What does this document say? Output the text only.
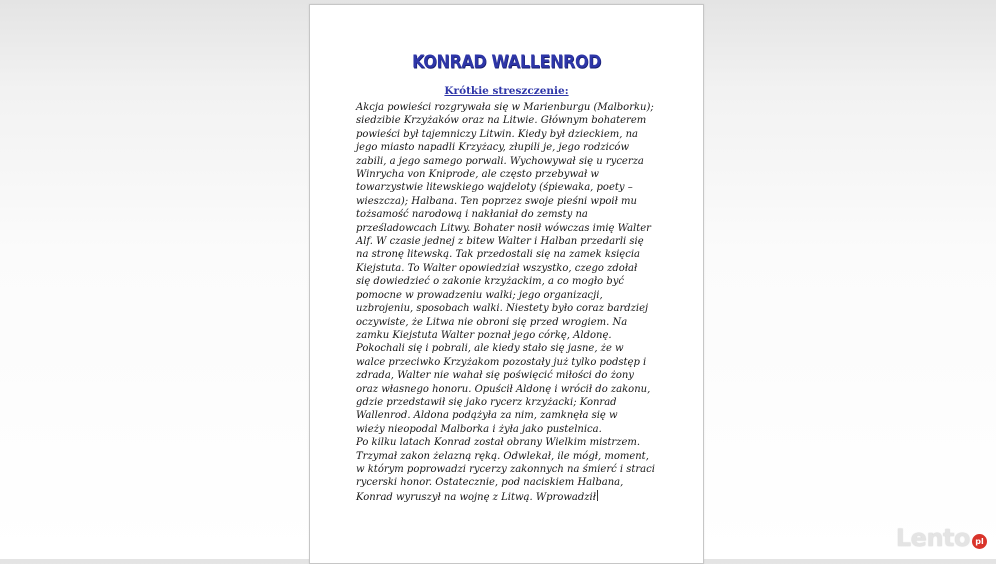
KONRAD WALLENROD
Krótkie streszczenie:
Akcja powieści rozgrywała się w Marienburgu (Malborku);
siedzibie Krzyżaków oraz na Litwie. Głównym bohaterem
powieści był tajemniczy Litwin. Kiedy był dzieckiem, na
jego miasto napadli Krzyżacy, złupili je, jego rodziców
zabili, a jego samego porwali. Wychowywał się u rycerza
Winrycha von Kniprode, ale często przebywał w
towarzystwie litewskiego wajdeloty (śpiewaka, poety –
wieszcza); Halbana. Ten poprzez swoje pieśni wpoił mu
tożsamość narodową i nakłaniał do zemsty na
prześladowcach Litwy. Bohater nosił wówczas imię Walter
Alf. W czasie jednej z bitew Walter i Halban przedarli się
na stronę litewską. Tak przedostali się na zamek księcia
Kiejstuta. To Walter opowiedział wszystko, czego zdołał
się dowiedzieć o zakonie krzyżackim, a co mogło być
pomocne w prowadzeniu walki; jego organizacji,
uzbrojeniu, sposobach walki. Niestety było coraz bardziej
oczywiste, że Litwa nie obroni się przed wrogiem. Na
zamku Kiejstuta Walter poznał jego córkę, Aldonę.
Pokochali się i pobrali, ale kiedy stało się jasne, że w
walce przeciwko Krzyżakom pozostały już tylko podstęp i
zdrada, Walter nie wahał się poświęcić miłości do żony
oraz własnego honoru. Opuścił Aldonę i wrócił do zakonu,
gdzie przedstawił się jako rycerz krzyżacki; Konrad
Wallenrod. Aldona podążyła za nim, zamknęła się w
wieży nieopodal Malborka i żyła jako pustelnica.
Po kilku latach Konrad został obrany Wielkim mistrzem.
Trzymał zakon żelazną ręką. Odwlekał, ile mógł, moment,
w którym poprowadzi rycerzy zakonnych na śmierć i straci
rycerski honor. Ostatecznie, pod naciskiem Halbana,
Konrad wyruszył na wojnę z Litwą. Wprowadził
Lento pl
